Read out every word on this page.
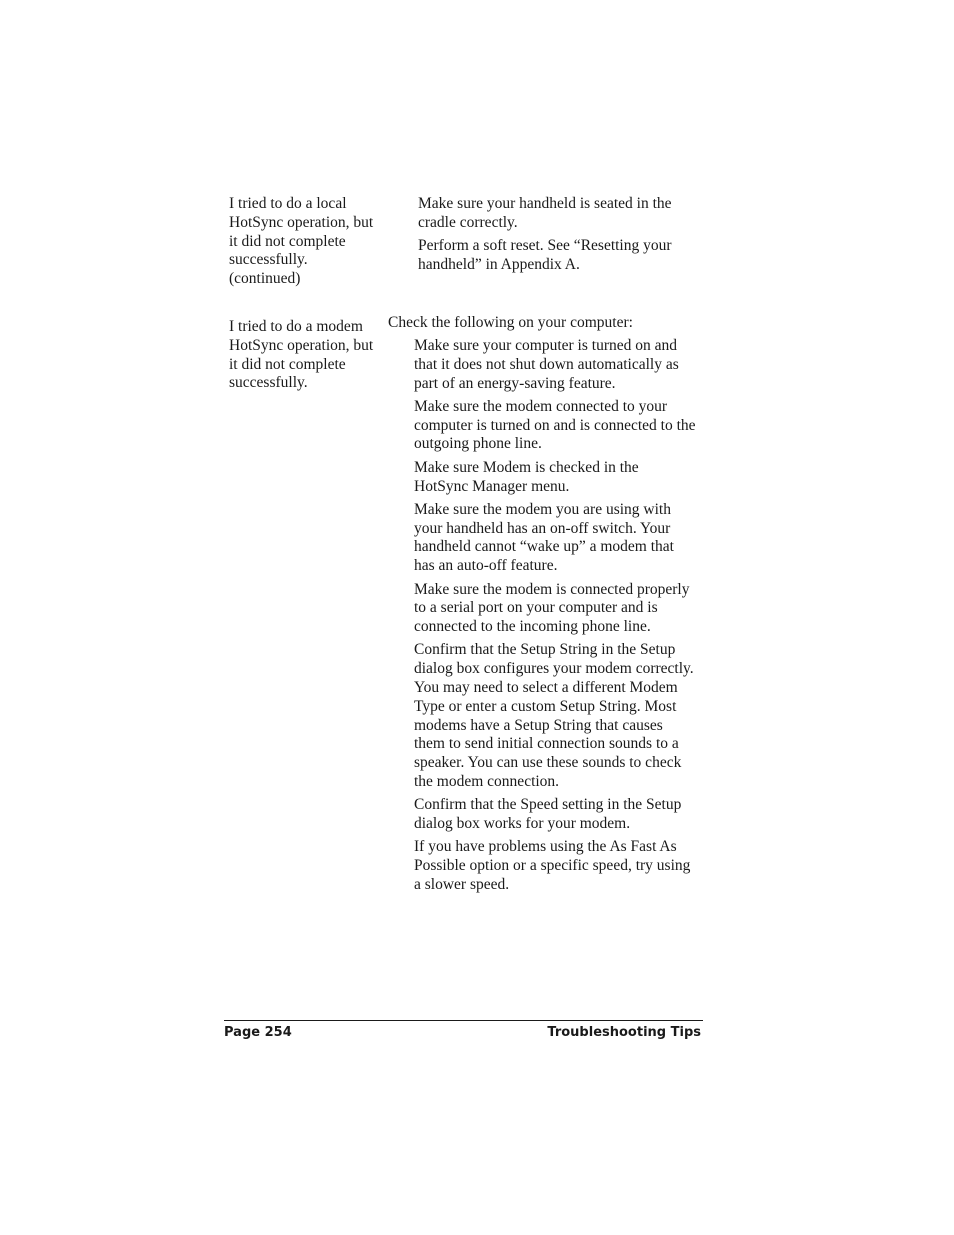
I tried to do a local HotSync operation, but it did not complete successfully. (continued)

Make sure your handheld is seated in the cradle correctly.

Perform a soft reset. See “Resetting your handheld” in Appendix A.

I tried to do a modem HotSync operation, but it did not complete successfully.
Check the following on your computer:

Make sure your computer is turned on and that it does not shut down automatically as part of an energy-saving feature.

Make sure the modem connected to your computer is turned on and is connected to the outgoing phone line.

Make sure Modem is checked in the HotSync Manager menu.

Make sure the modem you are using with your handheld has an on-off switch. Your handheld cannot “wake up” a modem that has an auto-off feature.

Make sure the modem is connected properly to a serial port on your computer and is connected to the incoming phone line.

Confirm that the Setup String in the Setup dialog box configures your modem correctly. You may need to select a different Modem Type or enter a custom Setup String. Most modems have a Setup String that causes them to send initial connection sounds to a speaker. You can use these sounds to check the modem connection.

Confirm that the Speed setting in the Setup dialog box works for your modem.

If you have problems using the As Fast As Possible option or a specific speed, try using a slower speed.

Page 254	Troubleshooting Tips
